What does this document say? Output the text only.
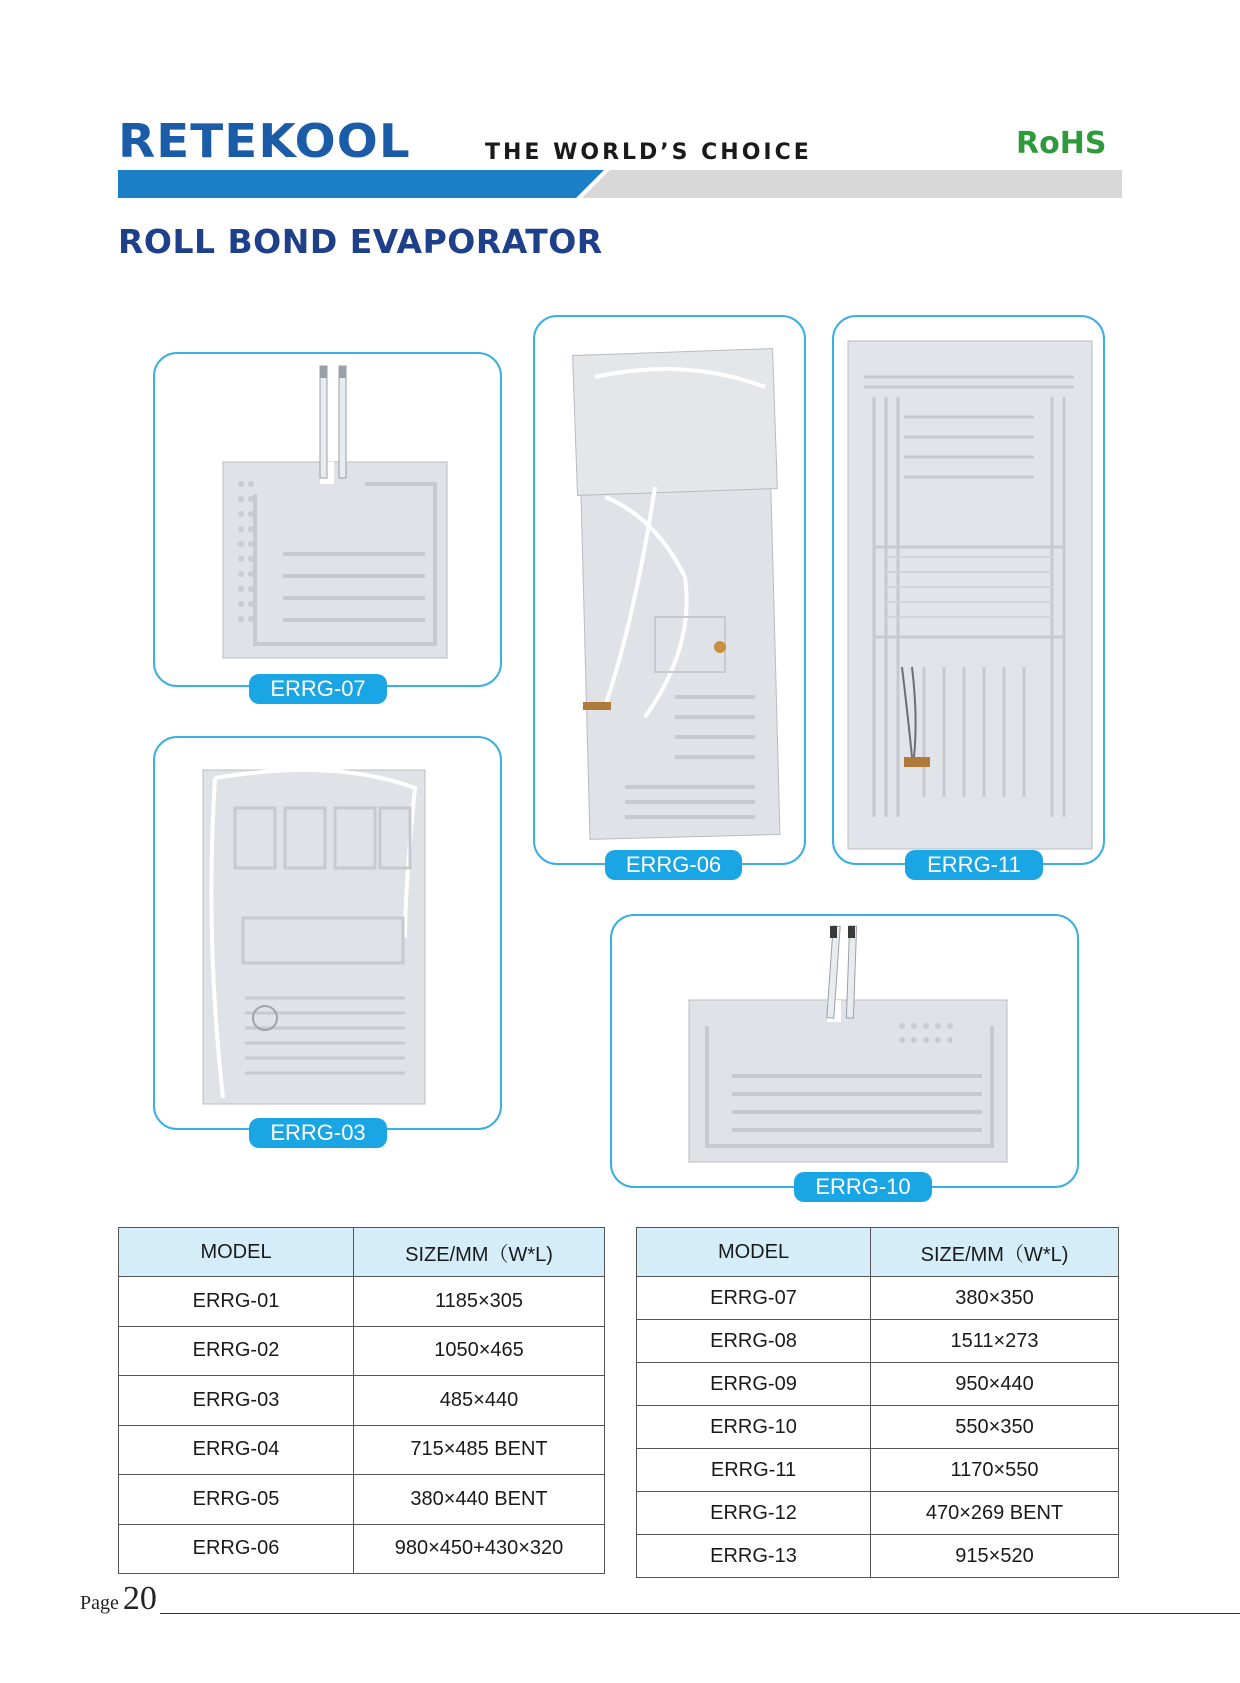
RETEKOOL	THE WORLD’S CHOICE	RoHS
ROLL BOND EVAPORATOR
ERRG-07
ERRG-06	ERRG-11
ERRG-03
ERRG-10
MODEL	SIZE/MM（W*L)
ERRG-01	1185×305
ERRG-02	1050×465
ERRG-03	485×440
ERRG-04	715×485 BENT
ERRG-05	380×440 BENT
ERRG-06	980×450+430×320
MODEL	SIZE/MM（W*L)
ERRG-07	380×350
ERRG-08	1511×273
ERRG-09	950×440
ERRG-10	550×350
ERRG-11	1170×550
ERRG-12	470×269 BENT
ERRG-13	915×520
Page 20
